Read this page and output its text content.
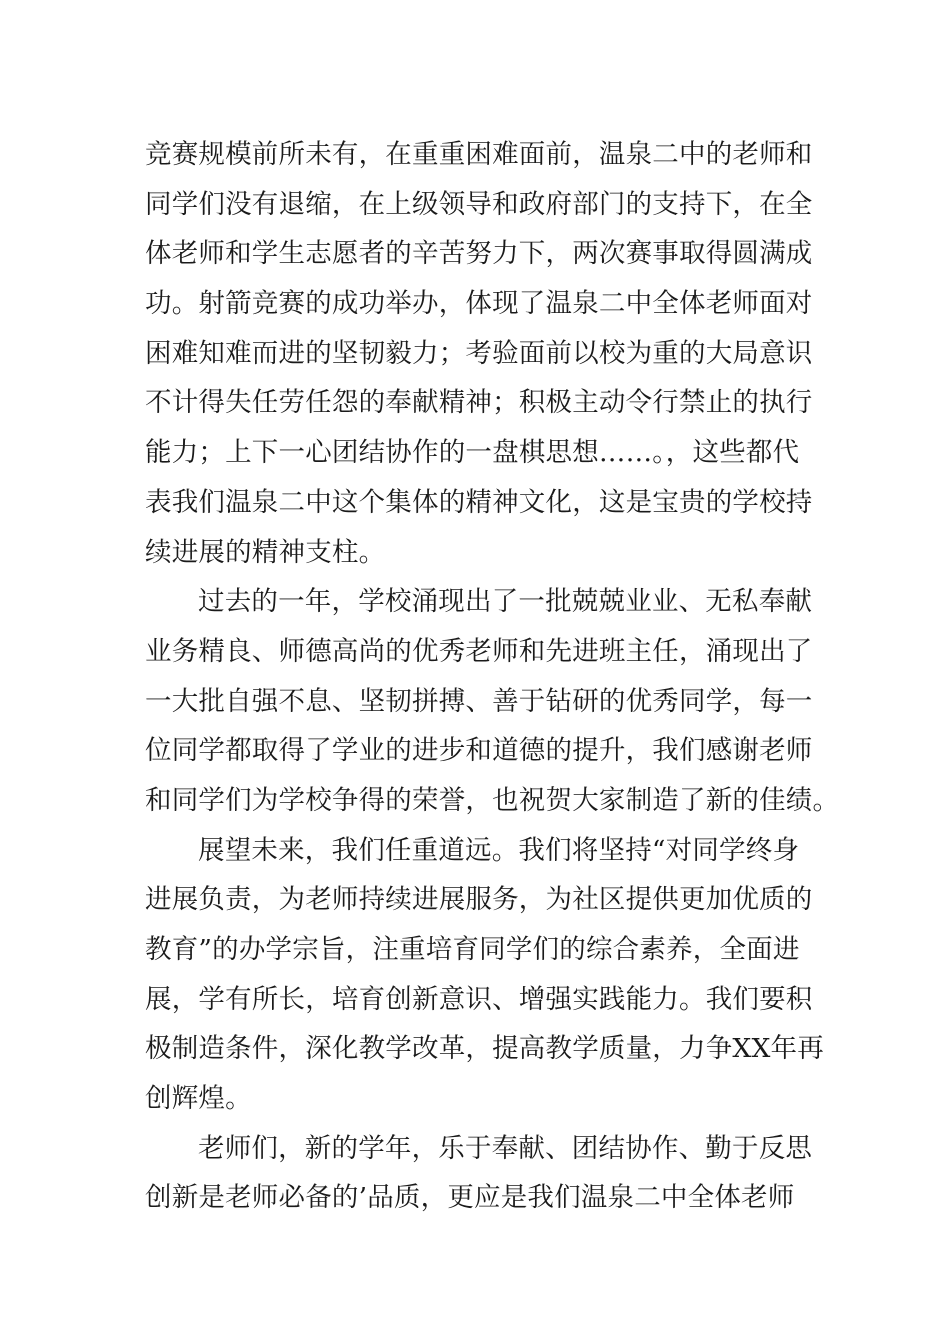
竞赛规模前所未有，在重重困难面前，温泉二中的老师和
同学们没有退缩，在上级领导和政府部门的支持下，在全
体老师和学生志愿者的辛苦努力下，两次赛事取得圆满成
功。射箭竞赛的成功举办，体现了温泉二中全体老师面对
困难知难而进的坚韧毅力；考验面前以校为重的大局意识
不计得失任劳任怨的奉献精神；积极主动令行禁止的执行
能力；上下一心团结协作的一盘棋思想……。，这些都代
表我们温泉二中这个集体的精神文化，这是宝贵的学校持
续进展的精神支柱。
过去的一年，学校涌现出了一批兢兢业业、无私奉献
业务精良、师德高尚的优秀老师和先进班主任，涌现出了
一大批自强不息、坚韧拼搏、善于钻研的优秀同学，每一
位同学都取得了学业的进步和道德的提升，我们感谢老师
和同学们为学校争得的荣誉，也祝贺大家制造了新的佳绩。
展望未来，我们任重道远。我们将坚持“对同学终身
进展负责，为老师持续进展服务，为社区提供更加优质的
教育”的办学宗旨，注重培育同学们的综合素养，全面进
展，学有所长，培育创新意识、增强实践能力。我们要积
极制造条件，深化教学改革，提高教学质量，力争XX年再
创辉煌。
老师们，新的学年，乐于奉献、团结协作、勤于反思
创新是老师必备的’品质，更应是我们温泉二中全体老师
